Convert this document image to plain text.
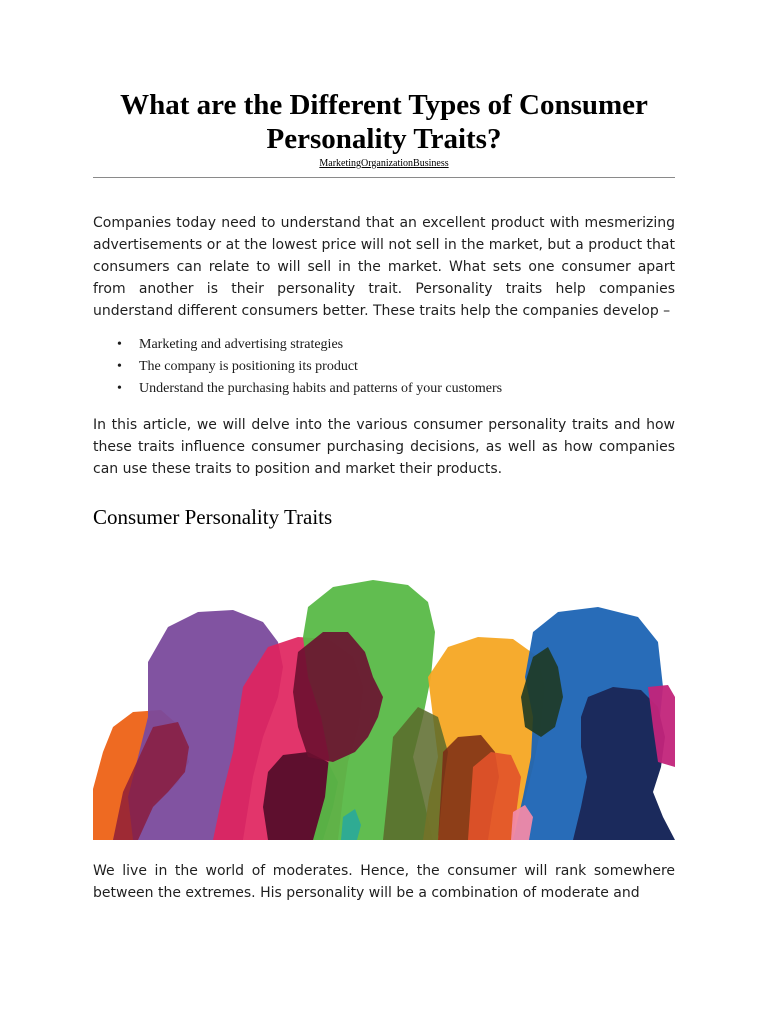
What are the Different Types of Consumer Personality Traits?
MarketingOrganizationBusiness

Companies today need to understand that an excellent product with mesmerizing advertisements or at the lowest price will not sell in the market, but a product that consumers can relate to will sell in the market. What sets one consumer apart from another is their personality trait. Personality traits help companies understand different consumers better. These traits help the companies develop –

• Marketing and advertising strategies
• The company is positioning its product
• Understand the purchasing habits and patterns of your customers

In this article, we will delve into the various consumer personality traits and how these traits influence consumer purchasing decisions, as well as how companies can use these traits to position and market their products.

Consumer Personality Traits

We live in the world of moderates. Hence, the consumer will rank somewhere between the extremes. His personality will be a combination of moderate and
